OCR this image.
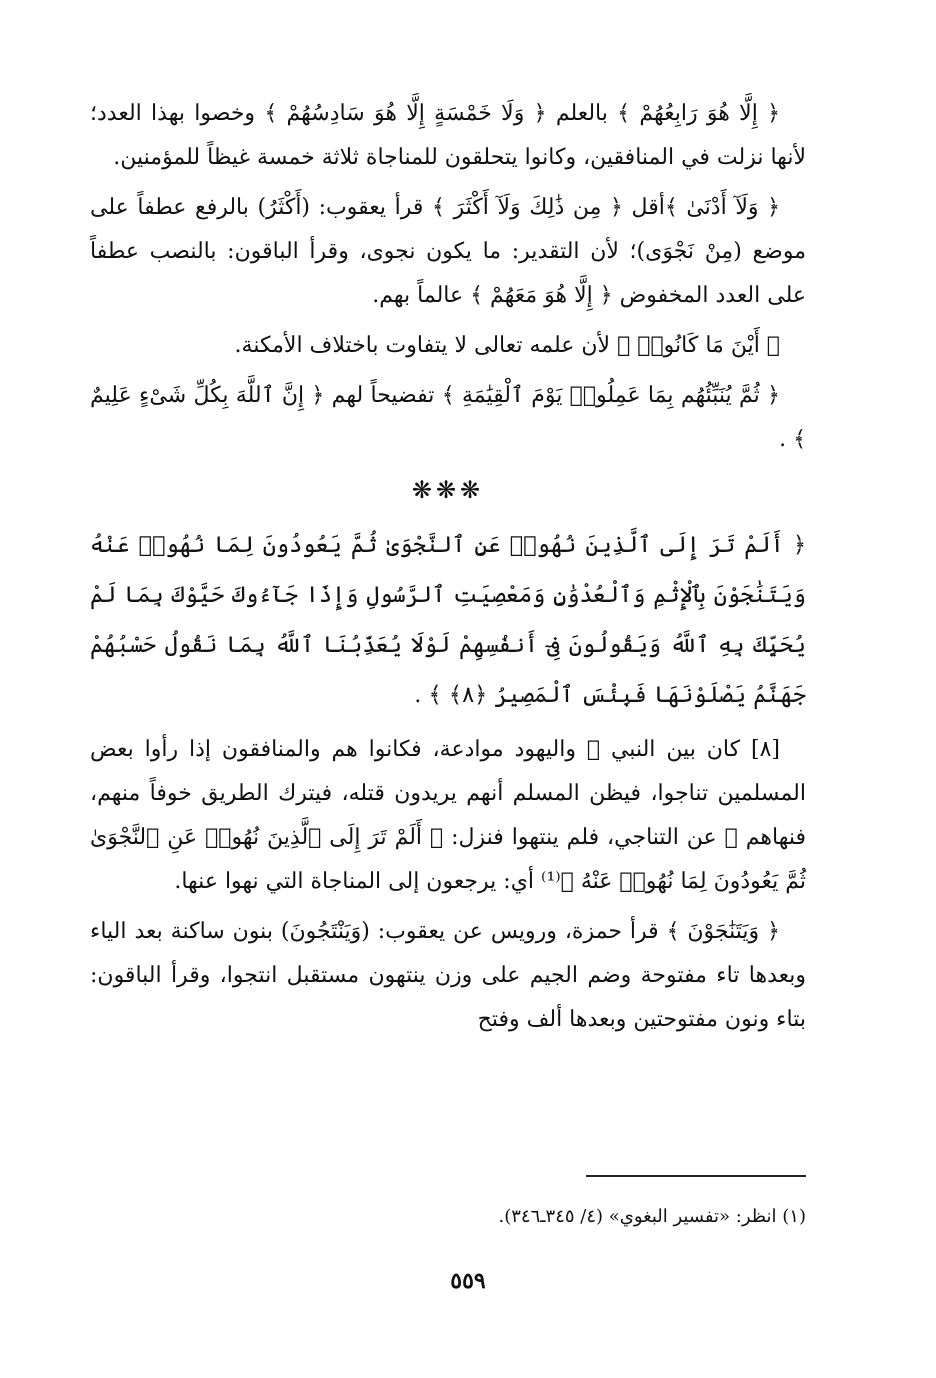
﴿ إِلَّا هُوَ رَابِعُهُمْ ﴾ بالعلم ﴿ وَلَا خَمْسَةٍ إِلَّا هُوَ سَادِسُهُمْ ﴾ وخصوا بهذا العدد؛ لأنها نزلت في المنافقين، وكانوا يتحلقون للمناجاة ثلاثة خمسة غيظاً للمؤمنين.

﴿ وَلَآ أَدْنَىٰ ﴾أقل ﴿ مِن ذَٰلِكَ وَلَآ أَكْثَرَ ﴾ قرأ يعقوب: (أَكْثَرُ) بالرفع عطفاً على موضع (مِنْ نَجْوَى)؛ لأن التقدير: ما يكون نجوى، وقرأ الباقون: بالنصب عطفاً على العدد المخفوض ﴿ إِلَّا هُوَ مَعَهُمْ ﴾ عالماً بهم.

﴿ أَيْنَ مَا كَانُوا۟ ﴾ لأن علمه تعالى لا يتفاوت باختلاف الأمكنة.

﴿ ثُمَّ يُنَبِّئُهُم بِمَا عَمِلُوا۟ يَوْمَ ٱلْقِيَٰمَةِ ﴾ تفضيحاً لهم ﴿ إِنَّ ٱللَّهَ بِكُلِّ شَىْءٍ عَلِيمٌ ﴾ .

❋❋❋

﴿ أَلَمْ تَرَ إِلَى ٱلَّذِينَ نُهُوا۟ عَنِ ٱلنَّجْوَىٰ ثُمَّ يَعُودُونَ لِمَا نُهُوا۟ عَنْهُ وَيَتَنَٰجَوْنَ بِٱلْإِثْمِ وَٱلْعُدْوَٰنِ وَمَعْصِيَتِ ٱلرَّسُولِ وَإِذَا جَآءُوكَ حَيَّوْكَ بِمَا لَمْ يُحَيِّكَ بِهِ ٱللَّهُ وَيَقُولُونَ فِىٓ أَنفُسِهِمْ لَوْلَا يُعَذِّبُنَا ٱللَّهُ بِمَا نَقُولُ حَسْبُهُمْ جَهَنَّمُ يَصْلَوْنَهَا فَبِئْسَ ٱلْمَصِيرُ ﴿٨﴾ ﴾ .

[٨] كان بين النبي ﷺ واليهود موادعة، فكانوا هم والمنافقون إذا رأوا بعض المسلمين تناجوا، فيظن المسلم أنهم يريدون قتله، فيترك الطريق خوفاً منهم، فنهاهم ﷺ عن التناجي، فلم ينتهوا فنزل: ﴿ أَلَمْ تَرَ إِلَى ٱلَّذِينَ نُهُوا۟ عَنِ ٱلنَّجْوَىٰ ثُمَّ يَعُودُونَ لِمَا نُهُوا۟ عَنْهُ ﴾⁽¹⁾ أي: يرجعون إلى المناجاة التي نهوا عنها.

﴿ وَيَتَنَٰجَوْنَ ﴾ قرأ حمزة، ورويس عن يعقوب: (وَيَنْتَجُونَ) بنون ساكنة بعد الياء وبعدها تاء مفتوحة وضم الجيم على وزن ينتهون مستقبل انتجوا، وقرأ الباقون: بتاء ونون مفتوحتين وبعدها ألف وفتح

(١) انظر: «تفسير البغوي» (٤/ ٣٤٥ـ٣٤٦).
٥٥٩
